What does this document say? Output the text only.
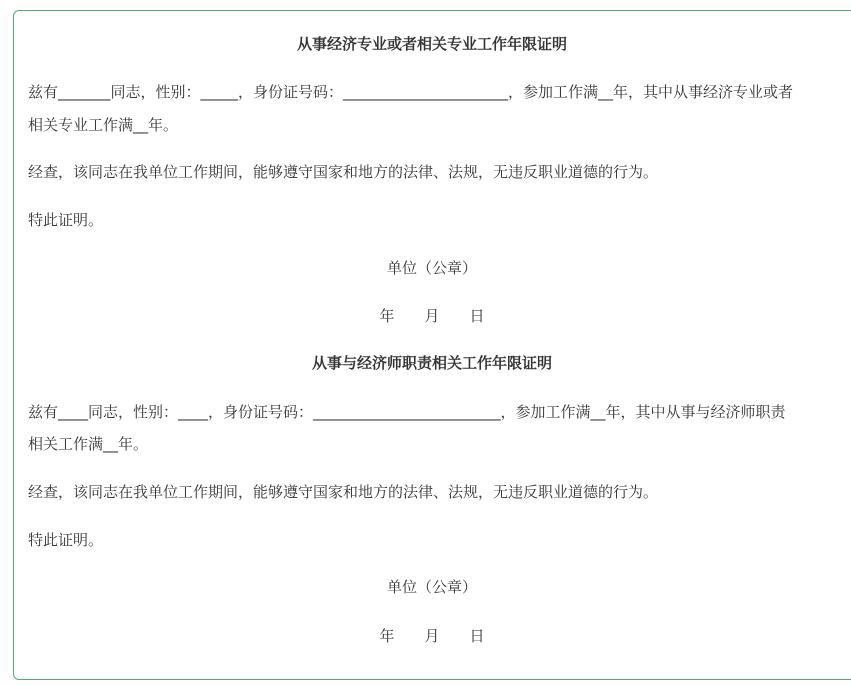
从事经济专业或者相关专业工作年限证明
兹有_______同志，性别：_____，身份证号码：______________________，参加工作满__年，其中从事经济专业或者
相关专业工作满__年。
经查，该同志在我单位工作期间，能够遵守国家和地方的法律、法规，无违反职业道德的行为。
特此证明。
单位（公章）
年　　月　　日
从事与经济师职责相关工作年限证明
兹有____同志，性别：____，身份证号码：_________________________，参加工作满__年，其中从事与经济师职责
相关工作满__年。
经查，该同志在我单位工作期间，能够遵守国家和地方的法律、法规，无违反职业道德的行为。
特此证明。
单位（公章）
年　　月　　日
